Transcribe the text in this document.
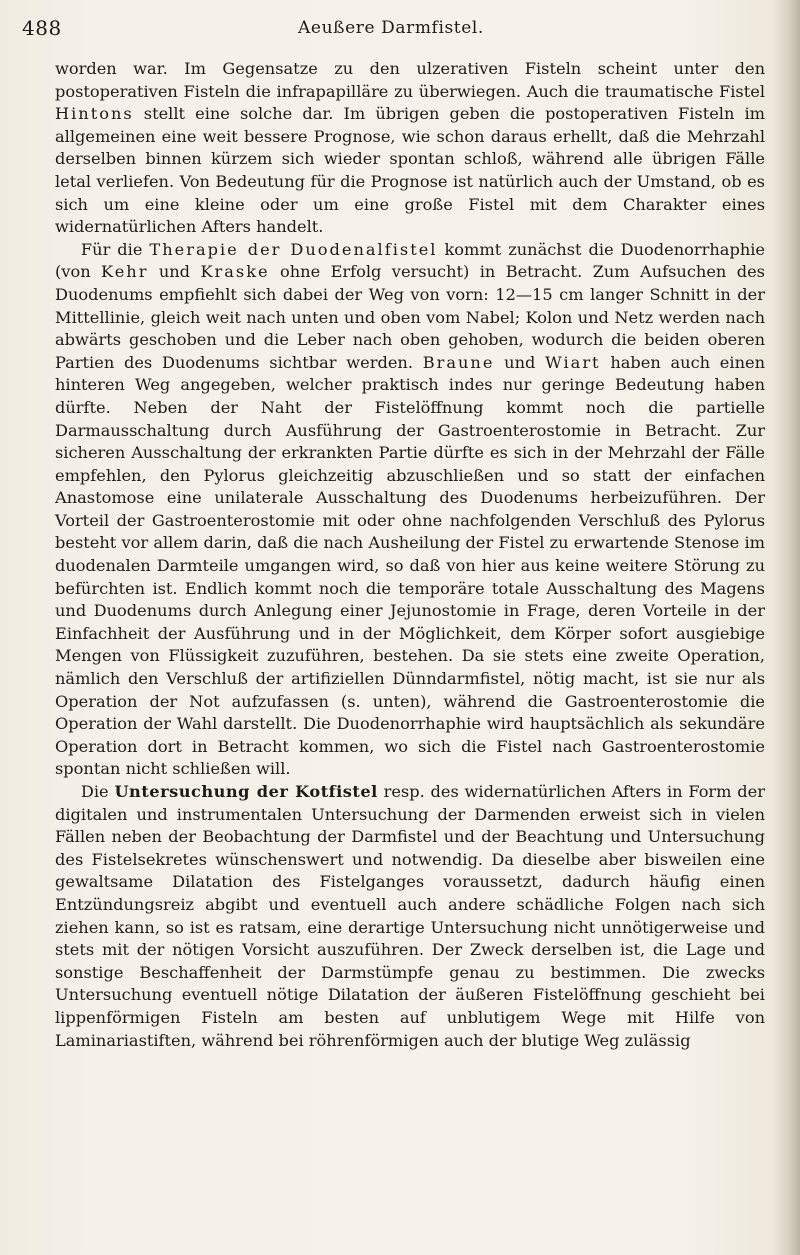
488	Aeußere Darmfistel.

worden war. Im Gegensatze zu den ulzerativen Fisteln scheint unter den postoperativen Fisteln die infrapapilläre zu überwiegen. Auch die traumatische Fistel Hintons stellt eine solche dar. Im übrigen geben die postoperativen Fisteln im allgemeinen eine weit bessere Prognose, wie schon daraus erhellt, daß die Mehrzahl derselben binnen kürzem sich wieder spontan schloß, während alle übrigen Fälle letal verliefen. Von Bedeutung für die Prognose ist natürlich auch der Umstand, ob es sich um eine kleine oder um eine große Fistel mit dem Charakter eines widernatürlichen Afters handelt.

Für die Therapie der Duodenalfistel kommt zunächst die Duodenorrhaphie (von Kehr und Kraske ohne Erfolg versucht) in Betracht. Zum Aufsuchen des Duodenums empfiehlt sich dabei der Weg von vorn: 12—15 cm langer Schnitt in der Mittellinie, gleich weit nach unten und oben vom Nabel; Kolon und Netz werden nach abwärts geschoben und die Leber nach oben gehoben, wodurch die beiden oberen Partien des Duodenums sichtbar werden. Braune und Wiart haben auch einen hinteren Weg angegeben, welcher praktisch indes nur geringe Bedeutung haben dürfte. Neben der Naht der Fistelöffnung kommt noch die partielle Darmausschaltung durch Ausführung der Gastroenterostomie in Betracht. Zur sicheren Ausschaltung der erkrankten Partie dürfte es sich in der Mehrzahl der Fälle empfehlen, den Pylorus gleichzeitig abzuschließen und so statt der einfachen Anastomose eine unilaterale Ausschaltung des Duodenums herbeizuführen. Der Vorteil der Gastroenterostomie mit oder ohne nachfolgenden Verschluß des Pylorus besteht vor allem darin, daß die nach Ausheilung der Fistel zu erwartende Stenose im duodenalen Darmteile umgangen wird, so daß von hier aus keine weitere Störung zu befürchten ist. Endlich kommt noch die temporäre totale Ausschaltung des Magens und Duodenums durch Anlegung einer Jejunostomie in Frage, deren Vorteile in der Einfachheit der Ausführung und in der Möglichkeit, dem Körper sofort ausgiebige Mengen von Flüssigkeit zuzuführen, bestehen. Da sie stets eine zweite Operation, nämlich den Verschluß der artifiziellen Dünndarmfistel, nötig macht, ist sie nur als Operation der Not aufzufassen (s. unten), während die Gastroenterostomie die Operation der Wahl darstellt. Die Duodenorrhaphie wird hauptsächlich als sekundäre Operation dort in Betracht kommen, wo sich die Fistel nach Gastroenterostomie spontan nicht schließen will.

Die Untersuchung der Kotfistel resp. des widernatürlichen Afters in Form der digitalen und instrumentalen Untersuchung der Darmenden erweist sich in vielen Fällen neben der Beobachtung der Darmfistel und der Beachtung und Untersuchung des Fistelsekretes wünschenswert und notwendig. Da dieselbe aber bisweilen eine gewaltsame Dilatation des Fistelganges voraussetzt, dadurch häufig einen Entzündungsreiz abgibt und eventuell auch andere schädliche Folgen nach sich ziehen kann, so ist es ratsam, eine derartige Untersuchung nicht unnötigerweise und stets mit der nötigen Vorsicht auszuführen. Der Zweck derselben ist, die Lage und sonstige Beschaffenheit der Darmstümpfe genau zu bestimmen. Die zwecks Untersuchung eventuell nötige Dilatation der äußeren Fistelöffnung geschieht bei lippenförmigen Fisteln am besten auf unblutigem Wege mit Hilfe von Laminariastiften, während bei röhrenförmigen auch der blutige Weg zulässig
